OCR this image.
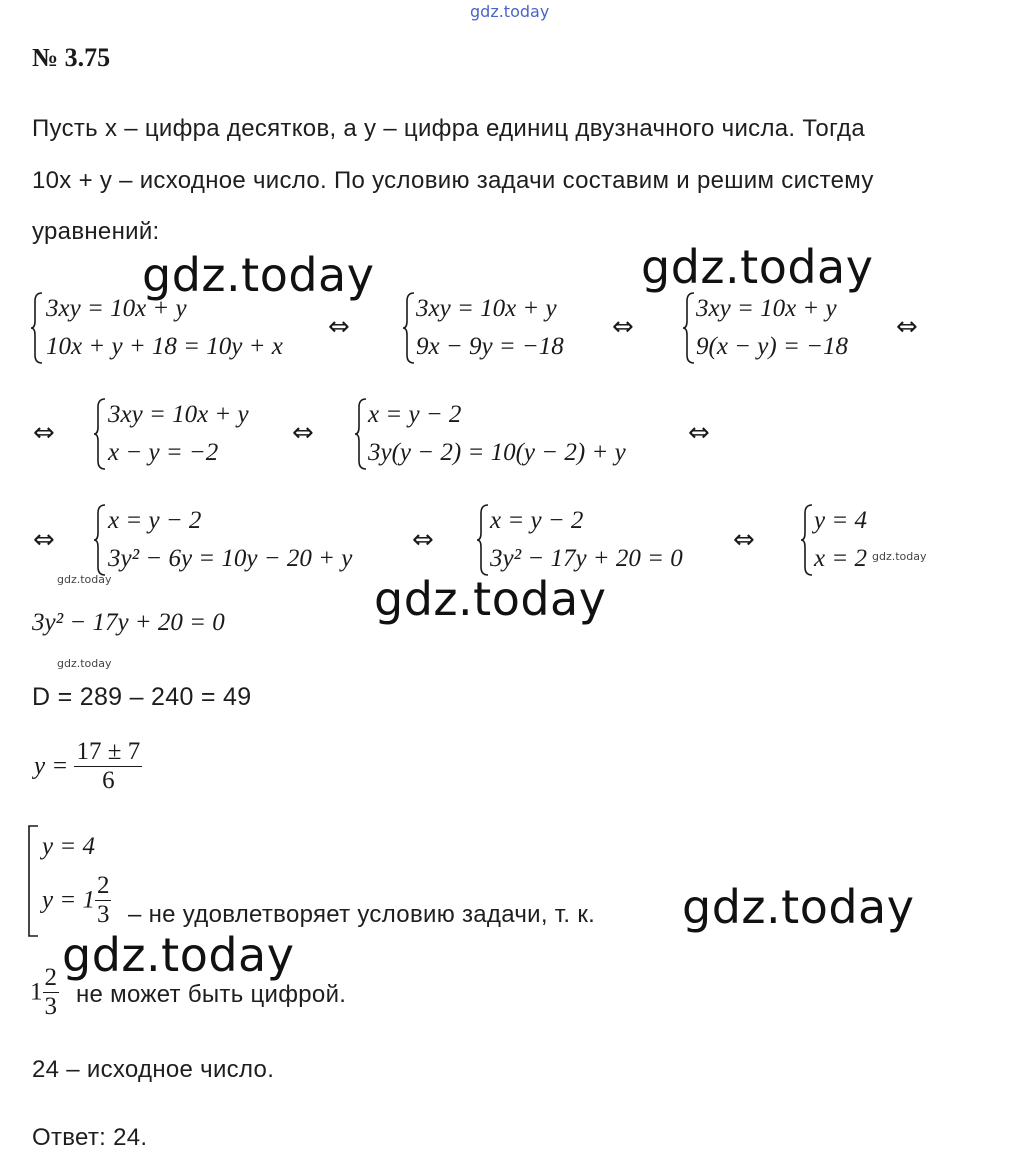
gdz.today
№ 3.75
Пусть x – цифра десятков, а y – цифра единиц двузначного числа. Тогда
10x + y – исходное число. По условию задачи составим и решим систему
уравнений:
gdz.today	gdz.today
gdz.today
gdz.today
gdz.today
gdz.today
gdz.today
gdz.today
3xy = 10x + y
10x + y + 18 = 10y + x
⇔
3xy = 10x + y
9x − 9y = −18
⇔
3xy = 10x + y
9(x − y) = −18
⇔
⇔
3xy = 10x + y
x − y = −2
⇔
x = y − 2
3y(y − 2) = 10(y − 2) + y
⇔
⇔
x = y − 2
3y² − 6y = 10y − 20 + y
⇔
x = y − 2
3y² − 17y + 20 = 0
⇔
y = 4
x = 2
3y² − 17y + 20 = 0
D = 289 – 240 = 49
$y = \frac{17 \pm 7}{6}$
y = 4
$y = 1 \frac{2}{3}$ – не удовлетворяет условию задачи, т. к.
$1 \frac{2}{3}$ не может быть цифрой.
24 – исходное число.
Ответ: 24.
